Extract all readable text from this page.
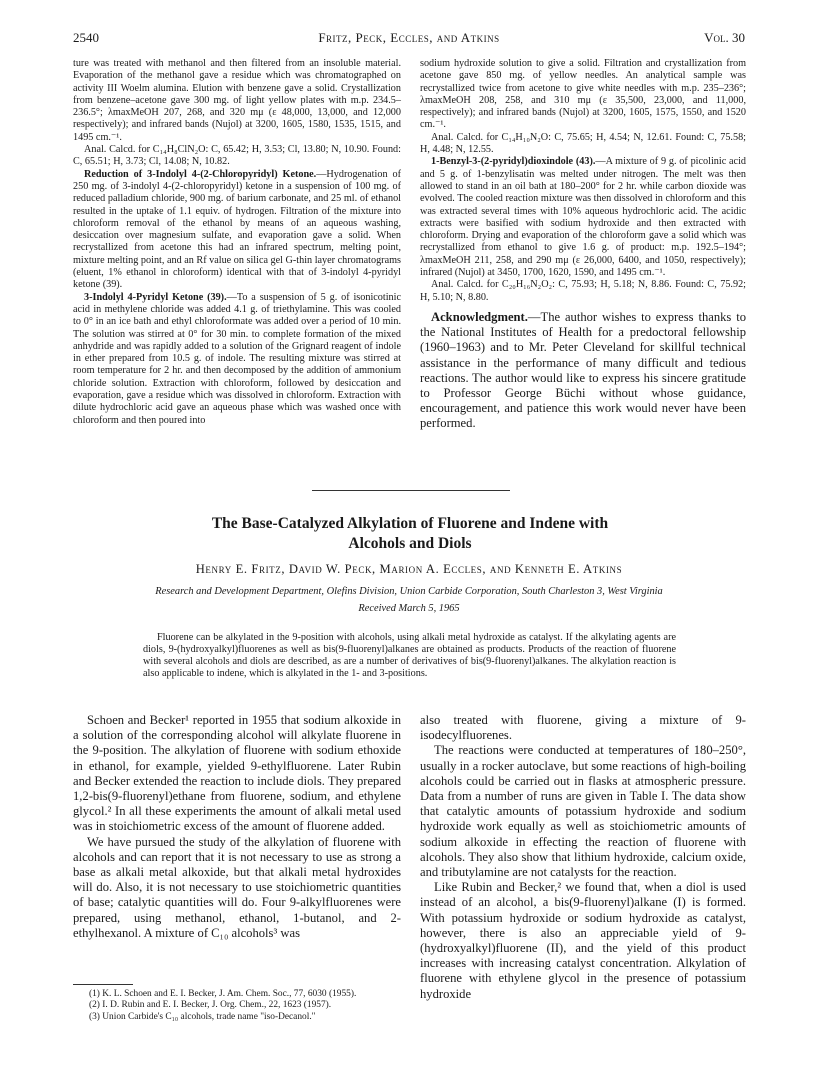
2540	Fritz, Peck, Eccles, and Atkins	Vol. 30

ture was treated with methanol and then filtered from an insoluble material. Evaporation of the methanol gave a residue which was chromatographed on activity III Woelm alumina. Elution with benzene gave a solid. Crystallization from benzene–acetone gave 300 mg. of light yellow plates with m.p. 234.5–236.5°; λmaxMeOH 207, 268, and 320 mμ (ε 48,000, 13,000, and 12,000 respectively); and infrared bands (Nujol) at 3200, 1605, 1580, 1535, 1515, and 1495 cm.⁻¹.

Anal. Calcd. for C₁₄H₈ClN₂O: C, 65.42; H, 3.53; Cl, 13.80; N, 10.90. Found: C, 65.51; H, 3.73; Cl, 14.08; N, 10.82.

Reduction of 3-Indolyl 4-(2-Chloropyridyl) Ketone.—Hydrogenation of 250 mg. of 3-indolyl 4-(2-chloropyridyl) ketone in a suspension of 100 mg. of reduced palladium chloride, 900 mg. of barium carbonate, and 25 ml. of ethanol resulted in the uptake of 1.1 equiv. of hydrogen. Filtration of the mixture into chloroform removal of the ethanol by means of an aqueous washing, desiccation over magnesium sulfate, and evaporation gave a solid. When recrystallized from acetone this had an infrared spectrum, melting point, mixture melting point, and an Rf value on silica gel G-thin layer chromatograms (eluent, 1% ethanol in chloroform) identical with that of 3-indolyl 4-pyridyl ketone (39).

3-Indolyl 4-Pyridyl Ketone (39).—To a suspension of 5 g. of isonicotinic acid in methylene chloride was added 4.1 g. of triethylamine. This was cooled to 0° in an ice bath and ethyl chloroformate was added over a period of 10 min. The solution was stirred at 0° for 30 min. to complete formation of the mixed anhydride and was rapidly added to a solution of the Grignard reagent of indole in ether prepared from 10.5 g. of indole. The resulting mixture was stirred at room temperature for 2 hr. and then decomposed by the addition of ammonium chloride solution. Extraction with chloroform, followed by desiccation and evaporation, gave a residue which was dissolved in chloroform. Extraction with dilute hydrochloric acid gave an aqueous phase which was washed once with chloroform and then poured into

sodium hydroxide solution to give a solid. Filtration and crystallization from acetone gave 850 mg. of yellow needles. An analytical sample was recrystallized twice from acetone to give white needles with m.p. 235–236°; λmaxMeOH 208, 258, and 310 mμ (ε 35,500, 23,000, and 11,000, respectively); and infrared bands (Nujol) at 3200, 1605, 1575, 1550, and 1520 cm.⁻¹.

Anal. Calcd. for C₁₄H₁₀N₂O: C, 75.65; H, 4.54; N, 12.61. Found: C, 75.58; H, 4.48; N, 12.55.

1-Benzyl-3-(2-pyridyl)dioxindole (43).—A mixture of 9 g. of picolinic acid and 5 g. of 1-benzylisatin was melted under nitrogen. The melt was then allowed to stand in an oil bath at 180–200° for 2 hr. while carbon dioxide was evolved. The cooled reaction mixture was then dissolved in chloroform and this was extracted several times with 10% aqueous hydrochloric acid. The acidic extracts were basified with sodium hydroxide and then extracted with chloroform. Drying and evaporation of the chloroform gave a solid which was recrystallized from ethanol to give 1.6 g. of product: m.p. 192.5–194°; λmaxMeOH 211, 258, and 290 mμ (ε 26,000, 6400, and 1050, respectively); infrared (Nujol) at 3450, 1700, 1620, 1590, and 1495 cm.⁻¹.

Anal. Calcd. for C₂₀H₁₆N₂O₂: C, 75.93; H, 5.18; N, 8.86. Found: C, 75.92; H, 5.10; N, 8.80.

Acknowledgment.—The author wishes to express thanks to the National Institutes of Health for a predoctoral fellowship (1960–1963) and to Mr. Peter Cleveland for skillful technical assistance in the performance of many difficult and tedious reactions. The author would like to express his sincere gratitude to Professor George Büchi without whose guidance, encouragement, and patience this work would never have been performed.

The Base-Catalyzed Alkylation of Fluorene and Indene with
Alcohols and Diols
Henry E. Fritz, David W. Peck, Marion A. Eccles, and Kenneth E. Atkins
Research and Development Department, Olefins Division, Union Carbide Corporation, South Charleston 3, West Virginia
Received March 5, 1965
Fluorene can be alkylated in the 9-position with alcohols, using alkali metal hydroxide as catalyst. If the alkylating agents are diols, 9-(hydroxyalkyl)fluorenes as well as bis(9-fluorenyl)alkanes are obtained as products. Products of the reaction of fluorene with several alcohols and diols are described, as are a number of derivatives of bis(9-fluorenyl)alkanes. The alkylation reaction is also applicable to indene, which is alkylated in the 1- and 3-positions.

Schoen and Becker¹ reported in 1955 that sodium alkoxide in a solution of the corresponding alcohol will alkylate fluorene in the 9-position. The alkylation of fluorene with sodium ethoxide in ethanol, for example, yielded 9-ethylfluorene. Later Rubin and Becker extended the reaction to include diols. They prepared 1,2-bis(9-fluorenyl)ethane from fluorene, sodium, and ethylene glycol.² In all these experiments the amount of alkali metal used was in stoichiometric excess of the amount of fluorene added.

We have pursued the study of the alkylation of fluorene with alcohols and can report that it is not necessary to use as strong a base as alkali metal alkoxide, but that alkali metal hydroxides will do. Also, it is not necessary to use stoichiometric quantities of base; catalytic quantities will do. Four 9-alkylfluorenes were prepared, using methanol, ethanol, 1-butanol, and 2-ethylhexanol. A mixture of C₁₀ alcohols³ was

also treated with fluorene, giving a mixture of 9-isodecylfluorenes.

The reactions were conducted at temperatures of 180–250°, usually in a rocker autoclave, but some reactions of high-boiling alcohols could be carried out in flasks at atmospheric pressure. Data from a number of runs are given in Table I. The data show that catalytic amounts of potassium hydroxide and sodium hydroxide work equally as well as stoichiometric amounts of sodium alkoxide in effecting the reaction of fluorene with alcohols. They also show that lithium hydroxide, calcium oxide, and tributylamine are not catalysts for the reaction.

Like Rubin and Becker,² we found that, when a diol is used instead of an alcohol, a bis(9-fluorenyl)alkane (I) is formed. With potassium hydroxide or sodium hydroxide as catalyst, however, there is also an appreciable yield of 9-(hydroxyalkyl)fluorene (II), and the yield of this product increases with increasing catalyst concentration. Alkylation of fluorene with ethylene glycol in the presence of potassium hydroxide

(1) K. L. Schoen and E. I. Becker, J. Am. Chem. Soc., 77, 6030 (1955).
(2) I. D. Rubin and E. I. Becker, J. Org. Chem., 22, 1623 (1957).
(3) Union Carbide's C₁₀ alcohols, trade name "iso-Decanol."
